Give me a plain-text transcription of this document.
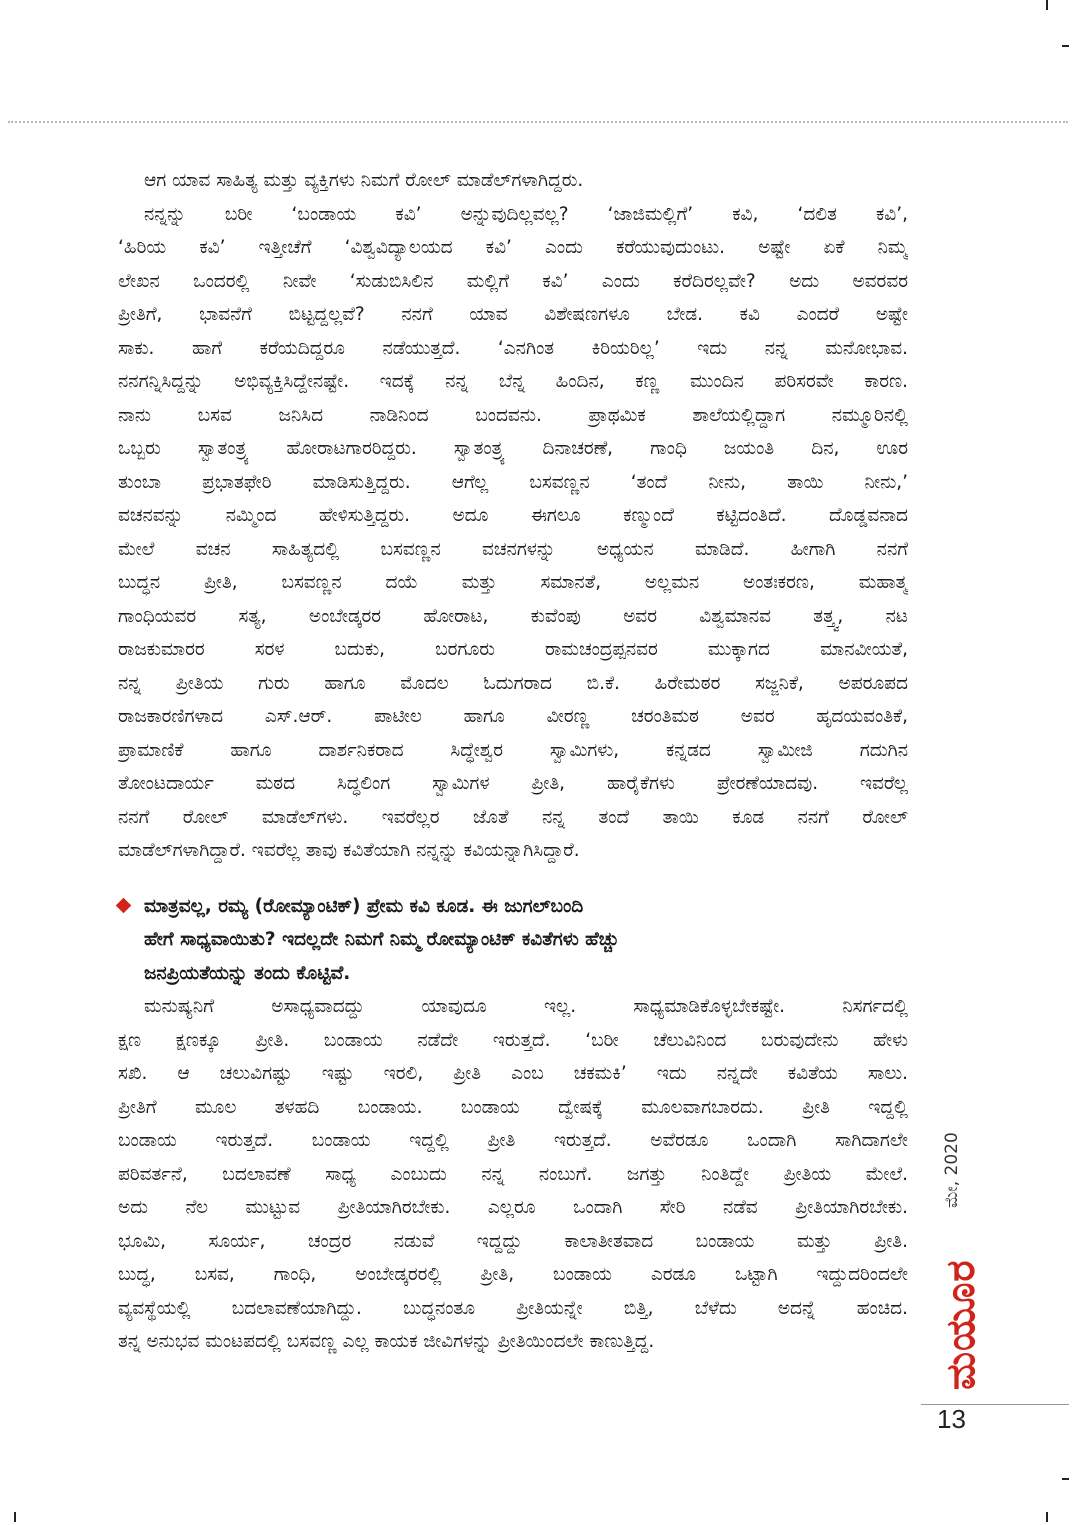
ಆಗ ಯಾವ ಸಾಹಿತ್ಯ ಮತ್ತು ವ್ಯಕ್ತಿಗಳು ನಿಮಗೆ ರೋಲ್ ಮಾಡೆಲ್‌ಗಳಾಗಿದ್ದರು.
ನನ್ನನ್ನು ಬರೀ ‘ಬಂಡಾಯ ಕವಿ’ ಅನ್ನುವುದಿಲ್ಲವಲ್ಲ? ‘ಜಾಜಿಮಲ್ಲಿಗೆ’ ಕವಿ, ‘ದಲಿತ ಕವಿ’,
‘ಹಿರಿಯ ಕವಿ’ ಇತ್ತೀಚೆಗೆ ‘ವಿಶ್ವವಿದ್ಯಾಲಯದ ಕವಿ’ ಎಂದು ಕರೆಯುವುದುಂಟು. ಅಷ್ಟೇ ಏಕೆ ನಿಮ್ಮ
ಲೇಖನ ಒಂದರಲ್ಲಿ ನೀವೇ ‘ಸುಡುಬಿಸಿಲಿನ ಮಲ್ಲಿಗೆ ಕವಿ’ ಎಂದು ಕರೆದಿರಲ್ಲವೇ? ಅದು ಅವರವರ
ಪ್ರೀತಿಗೆ, ಭಾವನೆಗೆ ಬಿಟ್ಟದ್ದಲ್ಲವೆ? ನನಗೆ ಯಾವ ವಿಶೇಷಣಗಳೂ ಬೇಡ. ಕವಿ ಎಂದರೆ ಅಷ್ಟೇ
ಸಾಕು. ಹಾಗೆ ಕರೆಯದಿದ್ದರೂ ನಡೆಯುತ್ತದೆ. ‘ಎನಗಿಂತ ಕಿರಿಯರಿಲ್ಲ’ ಇದು ನನ್ನ ಮನೋಭಾವ.
ನನಗನ್ನಿಸಿದ್ದನ್ನು ಅಭಿವ್ಯಕ್ತಿಸಿದ್ದೇನಷ್ಟೇ. ಇದಕ್ಕೆ ನನ್ನ ಬೆನ್ನ ಹಿಂದಿನ, ಕಣ್ಣ ಮುಂದಿನ ಪರಿಸರವೇ ಕಾರಣ.
ನಾನು ಬಸವ ಜನಿಸಿದ ನಾಡಿನಿಂದ ಬಂದವನು. ಪ್ರಾಥಮಿಕ ಶಾಲೆಯಲ್ಲಿದ್ದಾಗ ನಮ್ಮೂರಿನಲ್ಲಿ
ಒಬ್ಬರು ಸ್ವಾತಂತ್ರ್ಯ ಹೋರಾಟಗಾರರಿದ್ದರು. ಸ್ವಾತಂತ್ರ್ಯ ದಿನಾಚರಣೆ, ಗಾಂಧಿ ಜಯಂತಿ ದಿನ, ಊರ
ತುಂಬಾ ಪ್ರಭಾತಫೇರಿ ಮಾಡಿಸುತ್ತಿದ್ದರು. ಆಗೆಲ್ಲ ಬಸವಣ್ಣನ ‘ತಂದೆ ನೀನು, ತಾಯಿ ನೀನು,’
ವಚನವನ್ನು ನಮ್ಮಿಂದ ಹೇಳಿಸುತ್ತಿದ್ದರು. ಅದೂ ಈಗಲೂ ಕಣ್ಮುಂದೆ ಕಟ್ಟಿದಂತಿದೆ. ದೊಡ್ಡವನಾದ
ಮೇಲೆ ವಚನ ಸಾಹಿತ್ಯದಲ್ಲಿ ಬಸವಣ್ಣನ ವಚನಗಳನ್ನು ಅಧ್ಯಯನ ಮಾಡಿದೆ. ಹೀಗಾಗಿ ನನಗೆ
ಬುದ್ಧನ ಪ್ರೀತಿ, ಬಸವಣ್ಣನ ದಯೆ ಮತ್ತು ಸಮಾನತೆ, ಅಲ್ಲಮನ ಅಂತಃಕರಣ, ಮಹಾತ್ಮ
ಗಾಂಧಿಯವರ ಸತ್ಯ, ಅಂಬೇಡ್ಕರರ ಹೋರಾಟ, ಕುವೆಂಪು ಅವರ ವಿಶ್ವಮಾನವ ತತ್ತ್ವ, ನಟ
ರಾಜಕುಮಾರರ ಸರಳ ಬದುಕು, ಬರಗೂರು ರಾಮಚಂದ್ರಪ್ಪನವರ ಮುಕ್ಕಾಗದ ಮಾನವೀಯತೆ,
ನನ್ನ ಪ್ರೀತಿಯ ಗುರು ಹಾಗೂ ಮೊದಲ ಓದುಗರಾದ ಬಿ.ಕೆ. ಹಿರೇಮಠರ ಸಜ್ಜನಿಕೆ, ಅಪರೂಪದ
ರಾಜಕಾರಣಿಗಳಾದ ಎಸ್.ಆರ್. ಪಾಟೀಲ ಹಾಗೂ ವೀರಣ್ಣ ಚರಂತಿಮಠ ಅವರ ಹೃದಯವಂತಿಕೆ,
ಪ್ರಾಮಾಣಿಕೆ ಹಾಗೂ ದಾರ್ಶನಿಕರಾದ ಸಿದ್ಧೇಶ್ವರ ಸ್ವಾಮಿಗಳು, ಕನ್ನಡದ ಸ್ವಾಮೀಜಿ ಗದುಗಿನ
ತೋಂಟದಾರ್ಯ ಮಠದ ಸಿದ್ಧಲಿಂಗ ಸ್ವಾಮಿಗಳ ಪ್ರೀತಿ, ಹಾರೈಕೆಗಳು ಪ್ರೇರಣೆಯಾದವು. ಇವರೆಲ್ಲ
ನನಗೆ ರೋಲ್ ಮಾಡೆಲ್‌ಗಳು. ಇವರೆಲ್ಲರ ಜೊತೆ ನನ್ನ ತಂದೆ ತಾಯಿ ಕೂಡ ನನಗೆ ರೋಲ್
ಮಾಡೆಲ್‌ಗಳಾಗಿದ್ದಾರೆ. ಇವರೆಲ್ಲ ತಾವು ಕವಿತೆಯಾಗಿ ನನ್ನನ್ನು ಕವಿಯನ್ನಾಗಿಸಿದ್ದಾರೆ.
ಮಾತ್ರವಲ್ಲ, ರಮ್ಯ (ರೋಮ್ಯಾಂಟಿಕ್) ಪ್ರೇಮ ಕವಿ ಕೂಡ. ಈ ಜುಗಲ್‌ಬಂದಿ
ಹೇಗೆ ಸಾಧ್ಯವಾಯಿತು? ಇದಲ್ಲದೇ ನಿಮಗೆ ನಿಮ್ಮ ರೋಮ್ಯಾಂಟಿಕ್ ಕವಿತೆಗಳು ಹೆಚ್ಚು
ಜನಪ್ರಿಯತೆಯನ್ನು ತಂದು ಕೊಟ್ಟಿವೆ.
ಮನುಷ್ಯನಿಗೆ ಅಸಾಧ್ಯವಾದದ್ದು ಯಾವುದೂ ಇಲ್ಲ. ಸಾಧ್ಯಮಾಡಿಕೊಳ್ಳಬೇಕಷ್ಟೇ. ನಿಸರ್ಗದಲ್ಲಿ
ಕ್ಷಣ ಕ್ಷಣಕ್ಕೂ ಪ್ರೀತಿ. ಬಂಡಾಯ ನಡೆದೇ ಇರುತ್ತದೆ. ‘ಬರೀ ಚೆಲುವಿನಿಂದ ಬರುವುದೇನು ಹೇಳು
ಸಖಿ. ಆ ಚಲುವಿಗಷ್ಟು ಇಷ್ಟು ಇರಲಿ, ಪ್ರೀತಿ ಎಂಬ ಚಕಮಕಿ’ ಇದು ನನ್ನದೇ ಕವಿತೆಯ ಸಾಲು.
ಪ್ರೀತಿಗೆ ಮೂಲ ತಳಹದಿ ಬಂಡಾಯ. ಬಂಡಾಯ ದ್ವೇಷಕ್ಕೆ ಮೂಲವಾಗಬಾರದು. ಪ್ರೀತಿ ಇದ್ದಲ್ಲಿ
ಬಂಡಾಯ ಇರುತ್ತದೆ. ಬಂಡಾಯ ಇದ್ದಲ್ಲಿ ಪ್ರೀತಿ ಇರುತ್ತದೆ. ಅವೆರಡೂ ಒಂದಾಗಿ ಸಾಗಿದಾಗಲೇ
ಪರಿವರ್ತನೆ, ಬದಲಾವಣೆ ಸಾಧ್ಯ ಎಂಬುದು ನನ್ನ ನಂಬುಗೆ. ಜಗತ್ತು ನಿಂತಿದ್ದೇ ಪ್ರೀತಿಯ ಮೇಲೆ.
ಅದು ನೆಲ ಮುಟ್ಟುವ ಪ್ರೀತಿಯಾಗಿರಬೇಕು. ಎಲ್ಲರೂ ಒಂದಾಗಿ ಸೇರಿ ನಡೆವ ಪ್ರೀತಿಯಾಗಿರಬೇಕು.
ಭೂಮಿ, ಸೂರ್ಯ, ಚಂದ್ರರ ನಡುವೆ ಇದ್ದದ್ದು ಕಾಲಾತೀತವಾದ ಬಂಡಾಯ ಮತ್ತು ಪ್ರೀತಿ.
ಬುದ್ಧ, ಬಸವ, ಗಾಂಧಿ, ಅಂಬೇಡ್ಕರರಲ್ಲಿ ಪ್ರೀತಿ, ಬಂಡಾಯ ಎರಡೂ ಒಟ್ಟಾಗಿ ಇದ್ದುದರಿಂದಲೇ
ವ್ಯವಸ್ಥೆಯಲ್ಲಿ ಬದಲಾವಣೆಯಾಗಿದ್ದು. ಬುದ್ಧನಂತೂ ಪ್ರೀತಿಯನ್ನೇ ಬಿತ್ತಿ, ಬೆಳೆದು ಅದನ್ನೆ ಹಂಚಿದ.
ತನ್ನ ಅನುಭವ ಮಂಟಪದಲ್ಲಿ ಬಸವಣ್ಣ ಎಲ್ಲ ಕಾಯಕ ಜೀವಿಗಳನ್ನು ಪ್ರೀತಿಯಿಂದಲೇ ಕಾಣುತ್ತಿದ್ದ.
ಮೇ, 2020
ಮಯೂರ
13
